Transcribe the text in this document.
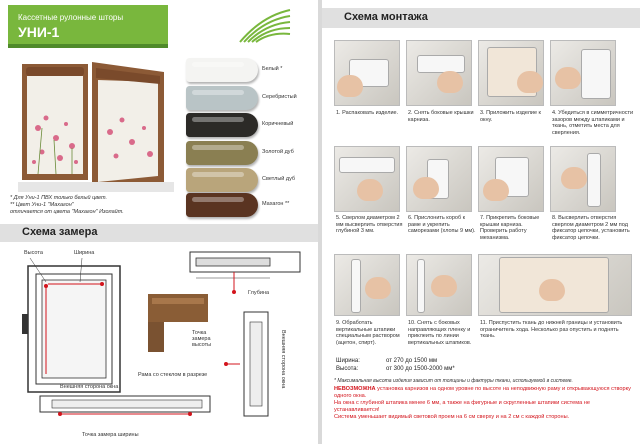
Кассетные рулонные шторы
УНИ-1
* Для Уни-1 ПВХ только белый цвет.
** Цвет Уни-1 "Махагон"
отличается от цвета "Махагон" Изолайт.
Белый *
Серебристый
Коричневый
Золотой дуб
Светлый дуб
Махагон **
Схема замера
Высота	Ширина
Глубина
Точка замера высоты
Рама со стеклом в разрезе
Внешняя сторона окна
Точка замера ширины
Внешняя сторона окна
Схема монтажа
1. Распаковать изделие.	2. Снять боковые крышки карниза.
3. Приложить изделие к окну.
4. Убедиться в симметричности зазоров между штапиками и ткань, отметить места для сверления.
5. Сверлом диаметром 2 мм высверлить отверстия глубиной 3 мм.
6. Прислонить короб к раме и укрепить саморезами (хлопы 9 мм).
7. Прикрепить боковые крышки карниза. Проверить работу механизма.
8. Высверлить отверстия сверлом диаметром 2 мм под фиксатор цепочки, установить фиксатор цепочки.
9. Обработать вертикальные штапики специальным раствором (ацетон, спирт).
10. Снять с боковых направляющих пленку и приклеить по линии вертикальных штапиков.
11. Приспустить ткань до нижней границы и установить ограничитель хода. Несколько раз опустить и поднять ткань.
Ширина:	от 270 до 1500 мм
Высота:	от 300 до 1500-2000 мм*
* Максимальная высота изделия зависит от толщины и фактуры ткани, используемой в системе.
НЕВОЗМОЖНА установка карнизов на одном уровне по высоте на неподвижную раму и открывающуюся створку одного окна.
На окна с глубиной штапика менее 6 мм, а также на фигурные и скругленные штапики система не устанавливается!
Система уменьшает видимый световой проем на 6 см сверху и на 2 см с каждой стороны.
